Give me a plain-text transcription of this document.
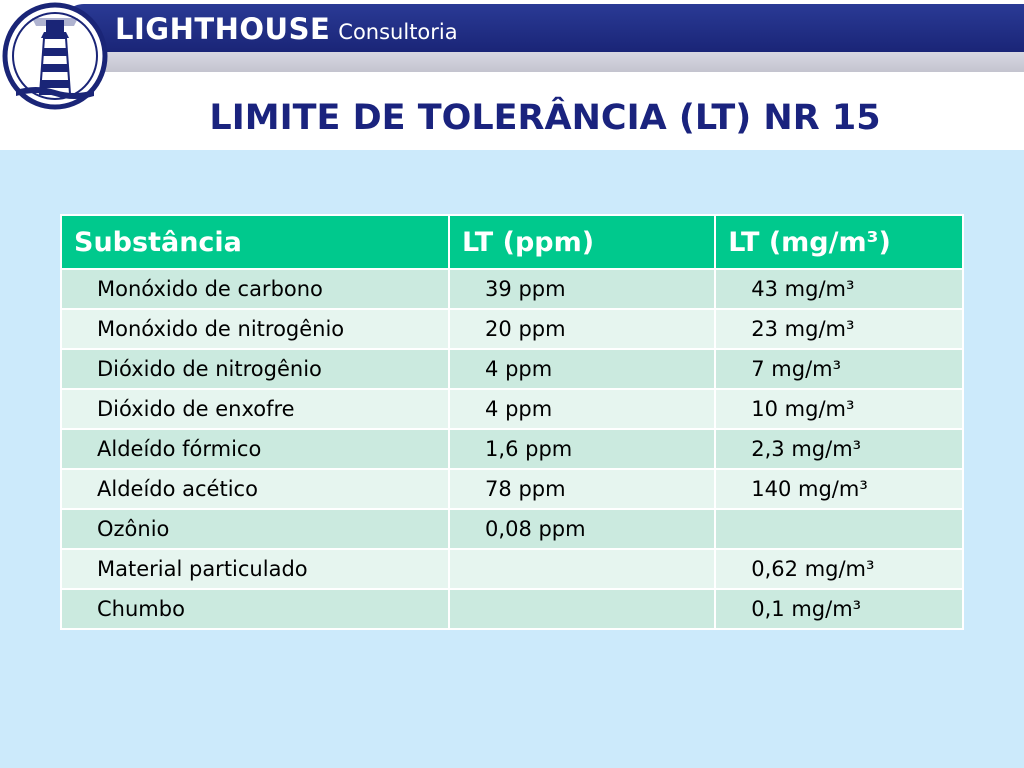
LIGHTHOUSE Consultoria
LIMITE DE TOLERÂNCIA (LT) NR 15
Substância	LT (ppm)	LT (mg/m³)
Monóxido de carbono	39 ppm	43 mg/m³
Monóxido de nitrogênio	20 ppm	23 mg/m³
Dióxido de nitrogênio	4 ppm	7 mg/m³
Dióxido de enxofre	4 ppm	10 mg/m³
Aldeído fórmico	1,6 ppm	2,3 mg/m³
Aldeído acético	78 ppm	140 mg/m³
Ozônio	0,08 ppm	
Material particulado		0,62 mg/m³
Chumbo		0,1 mg/m³
